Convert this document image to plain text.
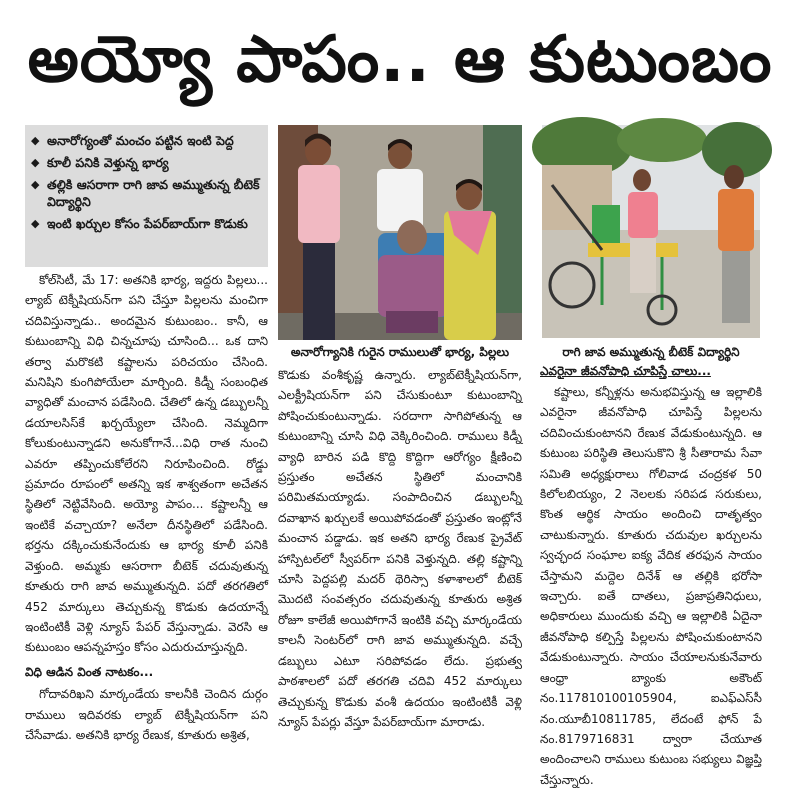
అయ్యో పాపం.. ఆ కుటుంబం
◆ అనారోగ్యంతో మంచం పట్టిన ఇంటి పెద్ద
◆ కూలీ పనికి వెళ్తున్న భార్య
◆ తల్లికి ఆసరాగా రాగి జావ అమ్ముతున్న బీటెక్ విద్యార్థిని
◆ ఇంటి ఖర్చుల కోసం పేపర్‌బాయ్‌గా కొడుకు

కోల్‌సిటీ, మే 17: అతనికి భార్య, ఇద్దరు పిల్లలు... ల్యాబ్ టెక్నీషియన్‌గా పని చేస్తూ పిల్లలను మంచిగా చదివిస్తున్నాడు.. అందమైన కుటుంబం.. కానీ, ఆ కుటుంబాన్ని విధి చిన్నచూపు చూసింది... ఒక దాని తర్వా మరొకటి కష్టాలను పరిచయం చేసింది. మనిషిని కుంగిపోయేలా మార్చింది. కిడ్నీ సంబంధిత వ్యాధితో మంచాన పడేసింది. చేతిలో ఉన్న డబ్బులన్నీ డయాలసిస్‌కే ఖర్చయ్యేలా చేసింది. నెమ్మదిగా కోలుకుంటున్నాడని అనుకోగానే...విధి రాత నుంచి ఎవరూ తప్పించుకోలేరని నిరూపించింది. రోడ్డు ప్రమాదం రూపంలో అతన్ని ఇక శాశ్వతంగా అచేతన స్థితిలో నెట్టివేసింది. అయ్యో పాపం... కష్టాలన్నీ ఆ ఇంటికే వచ్చాయా? అనేలా దీనస్థితిలో పడేసింది. భర్తను దక్కించుకునేందుకు ఆ భార్య కూలీ పనికి వెళ్తుంది. అమ్మకు ఆసరాగా బీటెక్ చదువుతున్న కూతురు రాగి జావ అమ్ముతున్నది. పదో తరగతిలో 452 మార్కులు తెచ్చుకున్న కొడుకు ఉదయాన్నే ఇంటింటికీ వెళ్లి న్యూస్ పేపర్ వేస్తున్నాడు. వెరసి ఆ కుటుంబం ఆపన్నహస్తం కోసం ఎదురుచూస్తున్నది.

విధి ఆడిన వింత నాటకం...

గోదావరిఖని మార్కండేయ కాలనీకి చెందిన దుర్గం రాములు ఇదివరకు ల్యాబ్ టెక్నీషియన్‌గా పని చేసేవాడు. అతనికి భార్య రేణుక, కూతురు అశ్రిత,

అనారోగ్యానికి గురైన రాములుతో భార్య, పిల్లలు

కొడుకు వంశీకృష్ణ ఉన్నారు. ల్యాబ్‌టెక్నీషియన్‌గా, ఎలక్ట్రీషియన్‌గా పని చేసుకుంటూ కుటుంబాన్ని పోషించుకుంటున్నాడు. సరదాగా సాగిపోతున్న ఆ కుటుంబాన్ని చూసి విధి వెక్కిరించింది. రాములు కిడ్నీ వ్యాధి బారిన పడి కొద్ది కొద్దిగా ఆరోగ్యం క్షీణించి ప్రస్తుతం అచేతన స్థితిలో మంచానికి పరిమితమయ్యాడు. సంపాదించిన డబ్బులన్నీ దవాఖాన ఖర్చులకే అయిపోవడంతో ప్రస్తుతం ఇంట్లోనే మంచాన పడ్డాడు. ఇక అతని భార్య రేణుక ప్రైవేట్ హాస్పిటల్‌లో స్వీపర్‌గా పనికి వెళ్తున్నది. తల్లి కష్టాన్ని చూసి పెద్దపల్లి మదర్ థెరిస్సా కళాశాలలో బీటెక్ మొదటి సంవత్సరం చదువుతున్న కూతురు అశ్రిత రోజూ కాలేజీ అయిపోగానే ఇంటికి వచ్చి మార్కండేయ కాలనీ సెంటర్‌లో రాగి జావ అమ్ముతున్నది. వచ్చే డబ్బులు ఎటూ సరిపోవడం లేదు. ప్రభుత్వ పాఠశాలలో పదో తరగతి చదివి 452 మార్కులు తెచ్చుకున్న కొడుకు వంశీ ఉదయం ఇంటింటికీ వెళ్లి న్యూస్ పేపర్లు వేస్తూ పేపర్‌బాయ్‌గా మారాడు.

రాగి జావ అమ్ముతున్న బీటెక్ విద్యార్థిని
ఎవరైనా జీవనోపాధి చూపిస్తే చాలు...

కష్టాలు, కన్నీళ్లను అనుభవిస్తున్న ఆ ఇల్లాలికి ఎవరైనా జీవనోపాధి చూపిస్తే పిల్లలను చదివించుకుంటానని రేణుక వేడుకుంటున్నది. ఆ కుటుంబ పరిస్థితి తెలుసుకొని శ్రీ సీతారామ సేవా సమితి అధ్యక్షురాలు గోలివాడ చంద్రకళ 50 కిలోలబియ్యం, 2 నెలలకు సరిపడ సరుకులు, కొంత ఆర్థిక సాయం అందించి దాతృత్వం చాటుకున్నారు. కూతురు చదువుల ఖర్చులను స్వచ్ఛంద సంఘాల ఐక్య వేదిక తరఫున సాయం చేస్తామని మద్దెల దినేశ్ ఆ తల్లికి భరోసా ఇచ్చారు. ఐతే దాతలు, ప్రజాప్రతినిధులు, అధికారులు ముందుకు వచ్చి ఆ ఇల్లాలికి ఏదైనా జీవనోపాధి కల్పిస్తే పిల్లలను పోషించుకుంటానని వేడుకుంటున్నారు. సాయం చేయాలనుకునేవారు ఆంధ్రా బ్యాంకు అకౌంట్ నం.117810100105904, ఐఎఫ్‌ఎస్‌సీ నం.యూబీ10811785, లేదంటే ఫోన్ పే నం.8179716831 ద్వారా చేయూత అందించాలని రాములు కుటుంబ సభ్యులు విజ్ఞప్తి చేస్తున్నారు.
